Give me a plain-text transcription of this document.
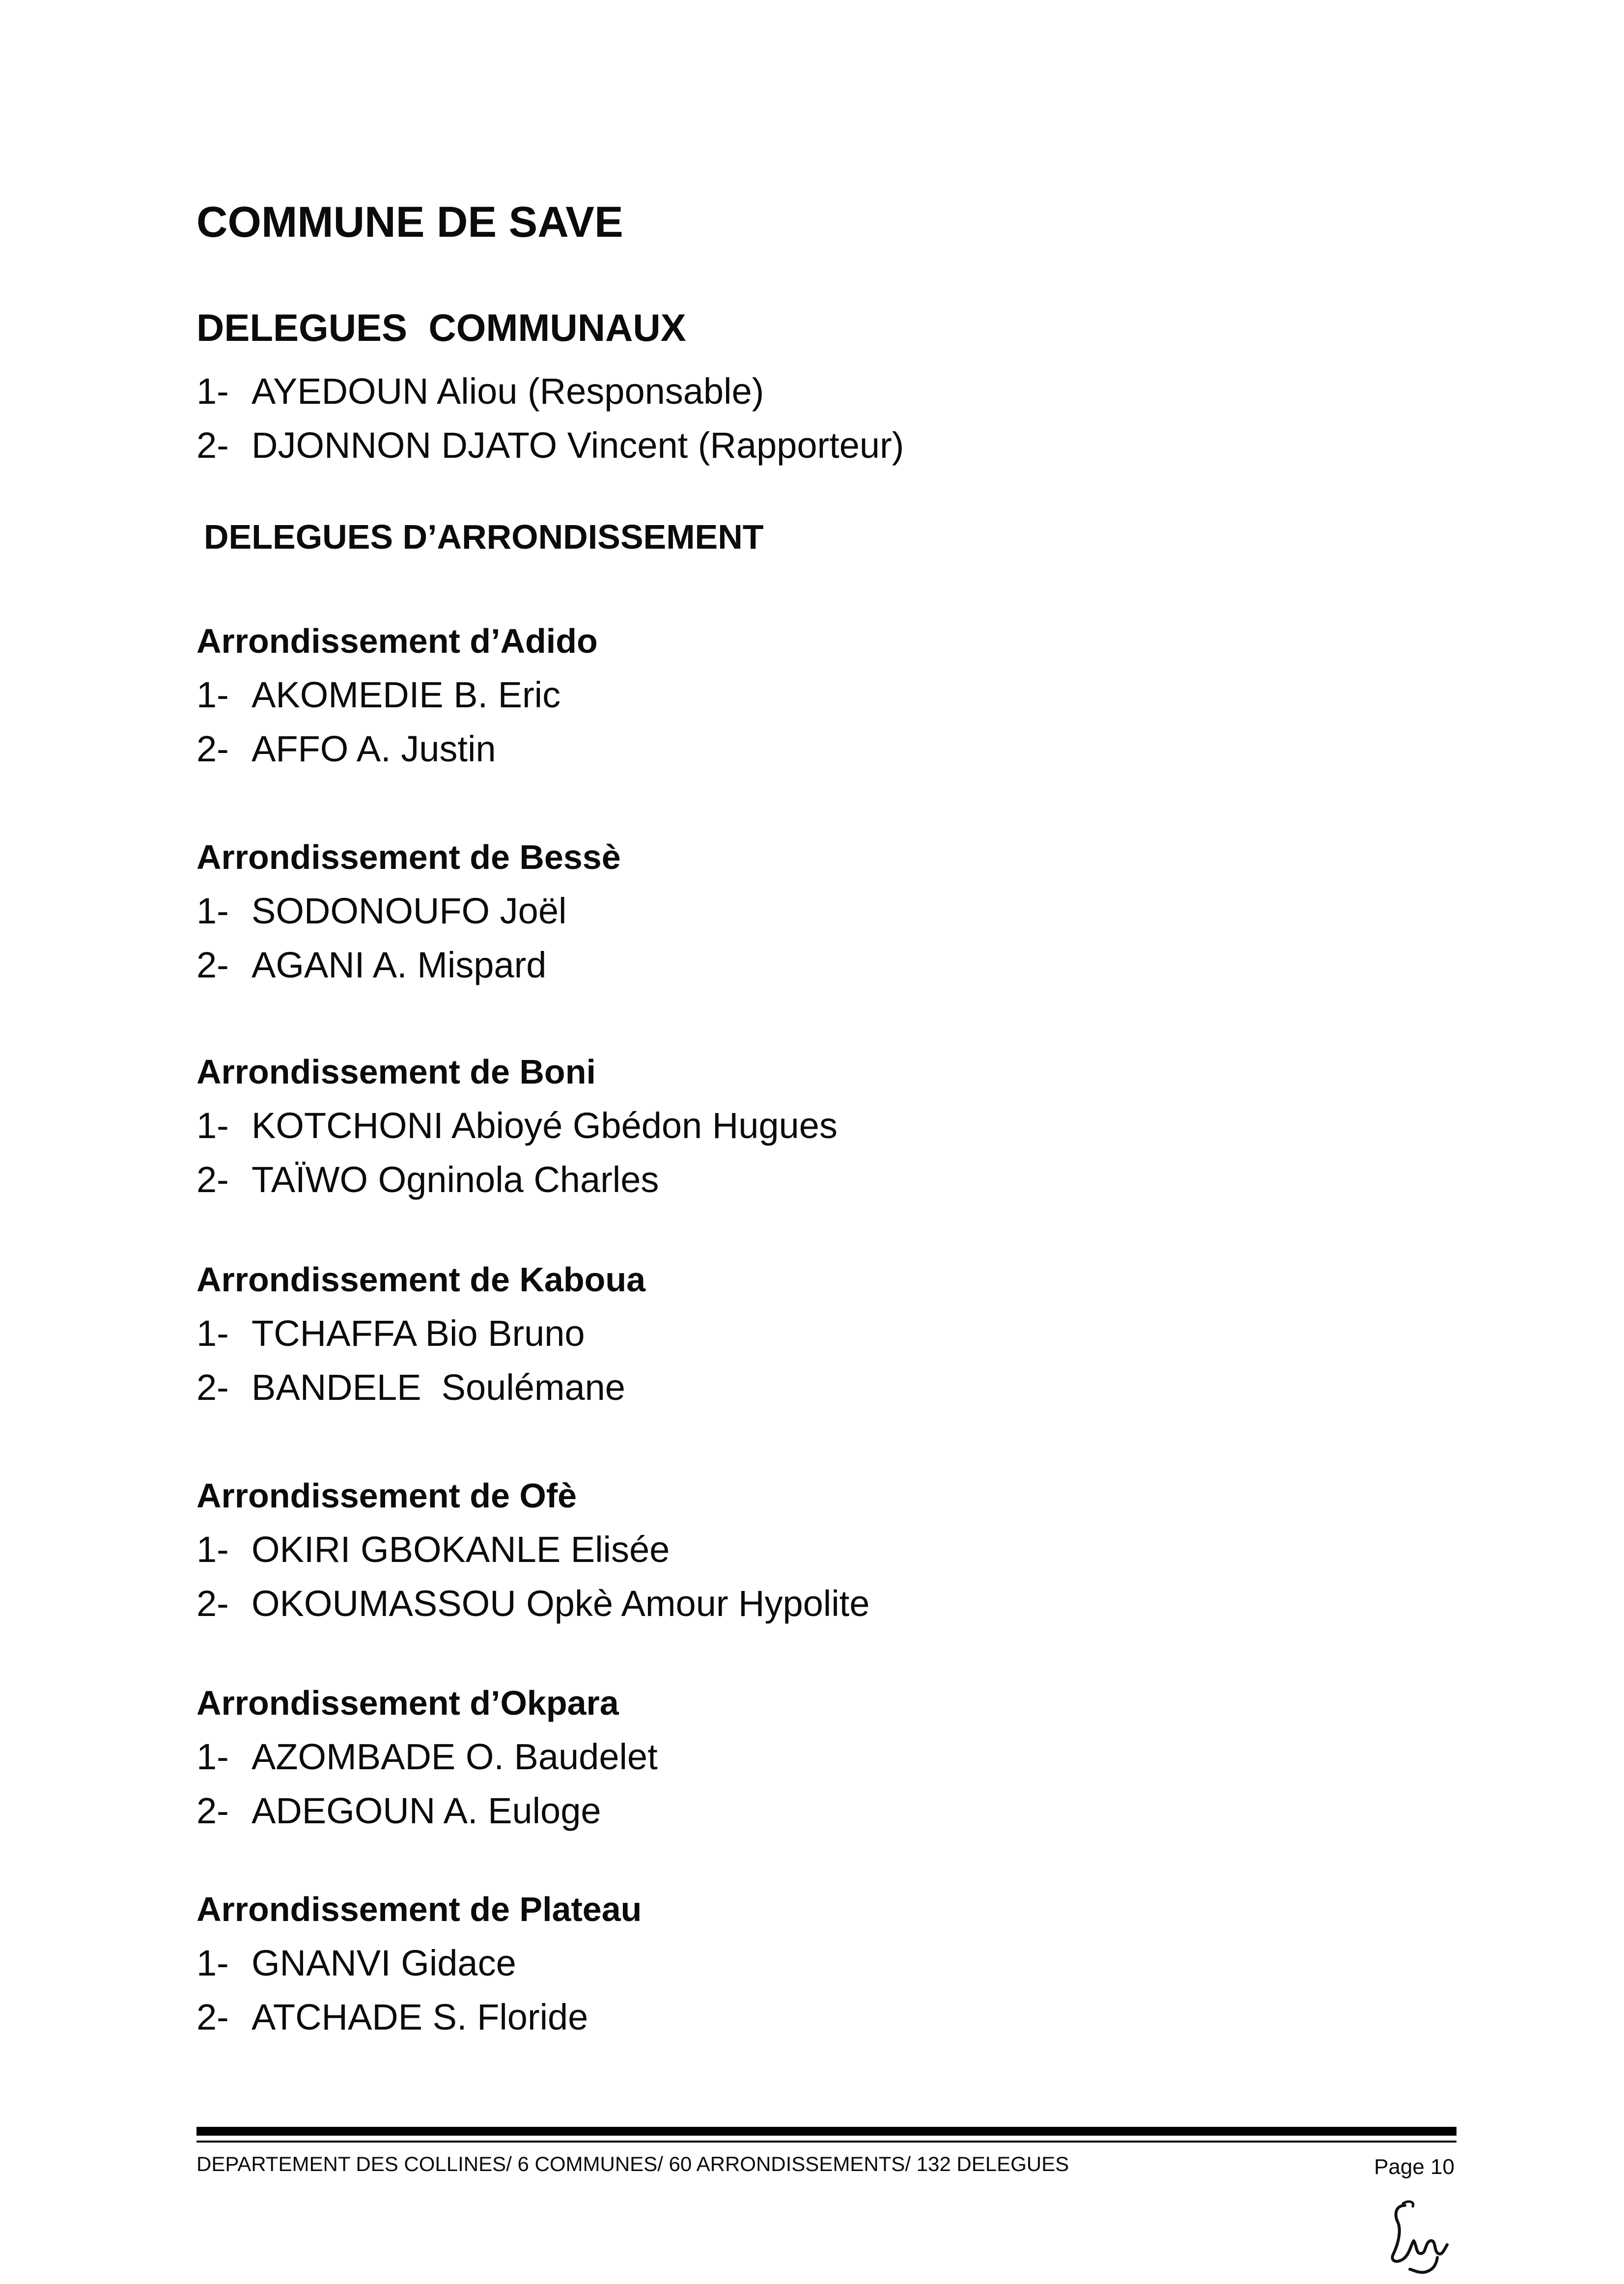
COMMUNE DE SAVE
DELEGUES  COMMUNAUX
1- AYEDOUN Aliou (Responsable)
2- DJONNON DJATO Vincent (Rapporteur)
DELEGUES D’ARRONDISSEMENT
Arrondissement d’Adido
1- AKOMEDIE B. Eric
2- AFFO A. Justin
Arrondissement de Bessè
1- SODONOUFO Joël
2- AGANI A. Mispard
Arrondissement de Boni
1- KOTCHONI Abioyé Gbédon Hugues
2- TAÏWO Ogninola Charles
Arrondissement de Kaboua
1- TCHAFFA Bio Bruno
2- BANDELE  Soulémane
Arrondissement de Ofè
1- OKIRI GBOKANLE Elisée
2- OKOUMASSOU Opkè Amour Hypolite
Arrondissement d’Okpara
1- AZOMBADE O. Baudelet
2- ADEGOUN A. Euloge
Arrondissement de Plateau
1- GNANVI Gidace
2- ATCHADE S. Floride
DEPARTEMENT DES COLLINES/ 6 COMMUNES/ 60 ARRONDISSEMENTS/ 132 DELEGUES	Page 10
